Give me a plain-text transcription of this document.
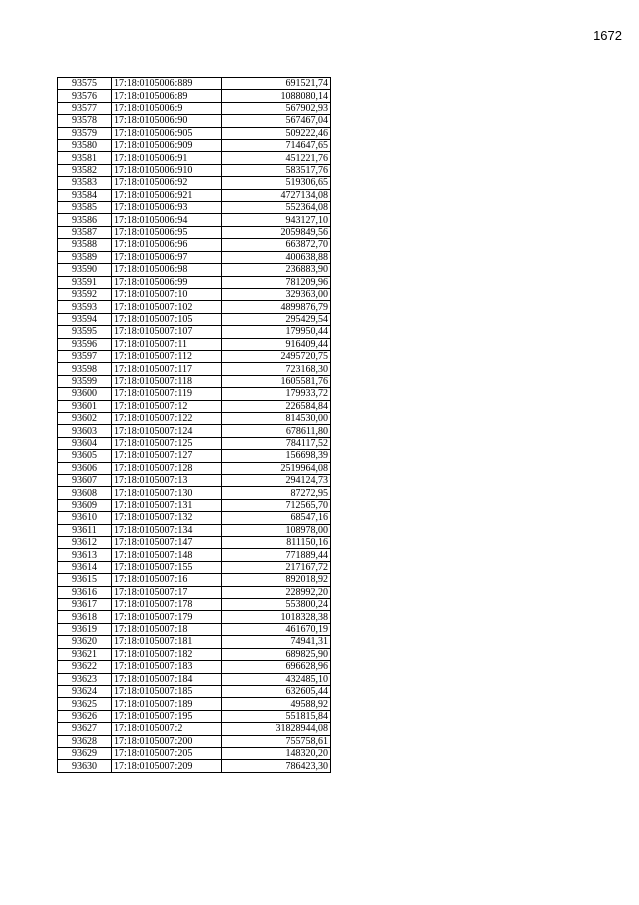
1672
93575	17:18:0105006:889	691521,74
93576	17:18:0105006:89	1088080,14
93577	17:18:0105006:9	567902,93
93578	17:18:0105006:90	567467,04
93579	17:18:0105006:905	509222,46
93580	17:18:0105006:909	714647,65
93581	17:18:0105006:91	451221,76
93582	17:18:0105006:910	583517,76
93583	17:18:0105006:92	519306,65
93584	17:18:0105006:921	4727134,08
93585	17:18:0105006:93	552364,08
93586	17:18:0105006:94	943127,10
93587	17:18:0105006:95	2059849,56
93588	17:18:0105006:96	663872,70
93589	17:18:0105006:97	400638,88
93590	17:18:0105006:98	236883,90
93591	17:18:0105006:99	781209,96
93592	17:18:0105007:10	329363,00
93593	17:18:0105007:102	4899876,79
93594	17:18:0105007:105	295429,54
93595	17:18:0105007:107	179950,44
93596	17:18:0105007:11	916409,44
93597	17:18:0105007:112	2495720,75
93598	17:18:0105007:117	723168,30
93599	17:18:0105007:118	1605581,76
93600	17:18:0105007:119	179933,72
93601	17:18:0105007:12	226584,84
93602	17:18:0105007:122	814530,00
93603	17:18:0105007:124	678611,80
93604	17:18:0105007:125	784117,52
93605	17:18:0105007:127	156698,39
93606	17:18:0105007:128	2519964,08
93607	17:18:0105007:13	294124,73
93608	17:18:0105007:130	87272,95
93609	17:18:0105007:131	712565,70
93610	17:18:0105007:132	68547,16
93611	17:18:0105007:134	108978,00
93612	17:18:0105007:147	811150,16
93613	17:18:0105007:148	771889,44
93614	17:18:0105007:155	217167,72
93615	17:18:0105007:16	892018,92
93616	17:18:0105007:17	228992,20
93617	17:18:0105007:178	553800,24
93618	17:18:0105007:179	1018328,38
93619	17:18:0105007:18	461670,19
93620	17:18:0105007:181	74941,31
93621	17:18:0105007:182	689825,90
93622	17:18:0105007:183	696628,96
93623	17:18:0105007:184	432485,10
93624	17:18:0105007:185	632605,44
93625	17:18:0105007:189	49588,92
93626	17:18:0105007:195	551815,84
93627	17:18:0105007:2	31828944,08
93628	17:18:0105007:200	755758,61
93629	17:18:0105007:205	148320,20
93630	17:18:0105007:209	786423,30
